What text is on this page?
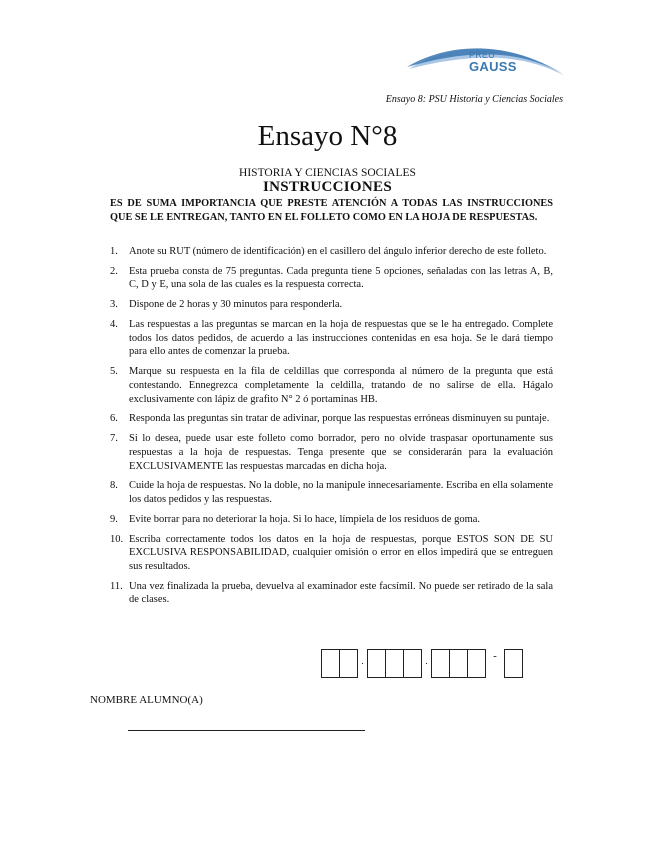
PREU
GAUSS
Ensayo 8: PSU Historia y Ciencias Sociales
Ensayo N°8
HISTORIA Y CIENCIAS SOCIALES
INSTRUCCIONES
ES DE SUMA IMPORTANCIA QUE PRESTE ATENCIÓN A TODAS LAS INSTRUCCIONES QUE SE LE ENTREGAN, TANTO EN EL FOLLETO COMO EN LA HOJA DE RESPUESTAS.
1.	Anote su RUT (número de identificación) en el casillero del ángulo inferior derecho de este folleto.
2.	Esta prueba consta de 75 preguntas. Cada pregunta tiene 5 opciones, señaladas con las letras A, B, C, D y E, una sola de las cuales es la respuesta correcta.
3.	Dispone de 2 horas y 30 minutos para responderla.
4.	Las respuestas a las preguntas se marcan en la hoja de respuestas que se le ha entregado. Complete todos los datos pedidos, de acuerdo a las instrucciones contenidas en esa hoja. Se le dará tiempo para ello antes de comenzar la prueba.
5.	Marque su respuesta en la fila de celdillas que corresponda al número de la pregunta que está contestando. Ennegrezca completamente la celdilla, tratando de no salirse de ella. Hágalo exclusivamente con lápiz de grafito N° 2 ó portaminas HB.
6.	Responda las preguntas sin tratar de adivinar, porque las respuestas erróneas disminuyen su puntaje.
7.	Si lo desea, puede usar este folleto como borrador, pero no olvide traspasar oportunamente sus respuestas a la hoja de respuestas. Tenga presente que se considerarán para la evaluación EXCLUSIVAMENTE las respuestas marcadas en dicha hoja.
8.	Cuide la hoja de respuestas. No la doble, no la manipule innecesariamente. Escriba en ella solamente los datos pedidos y las respuestas.
9.	Evite borrar para no deteriorar la hoja. Si lo hace, límpiela de los residuos de goma.
10. Escriba correctamente todos los datos en la hoja de respuestas, porque ESTOS SON DE SU EXCLUSIVA RESPONSABILIDAD, cualquier omisión o error en ellos impedirá que se entreguen sus resultados.
11. Una vez finalizada la prueba, devuelva al examinador este facsímil. No puede ser retirado de la sala de clases.
.	.	-
NOMBRE ALUMNO(A)
